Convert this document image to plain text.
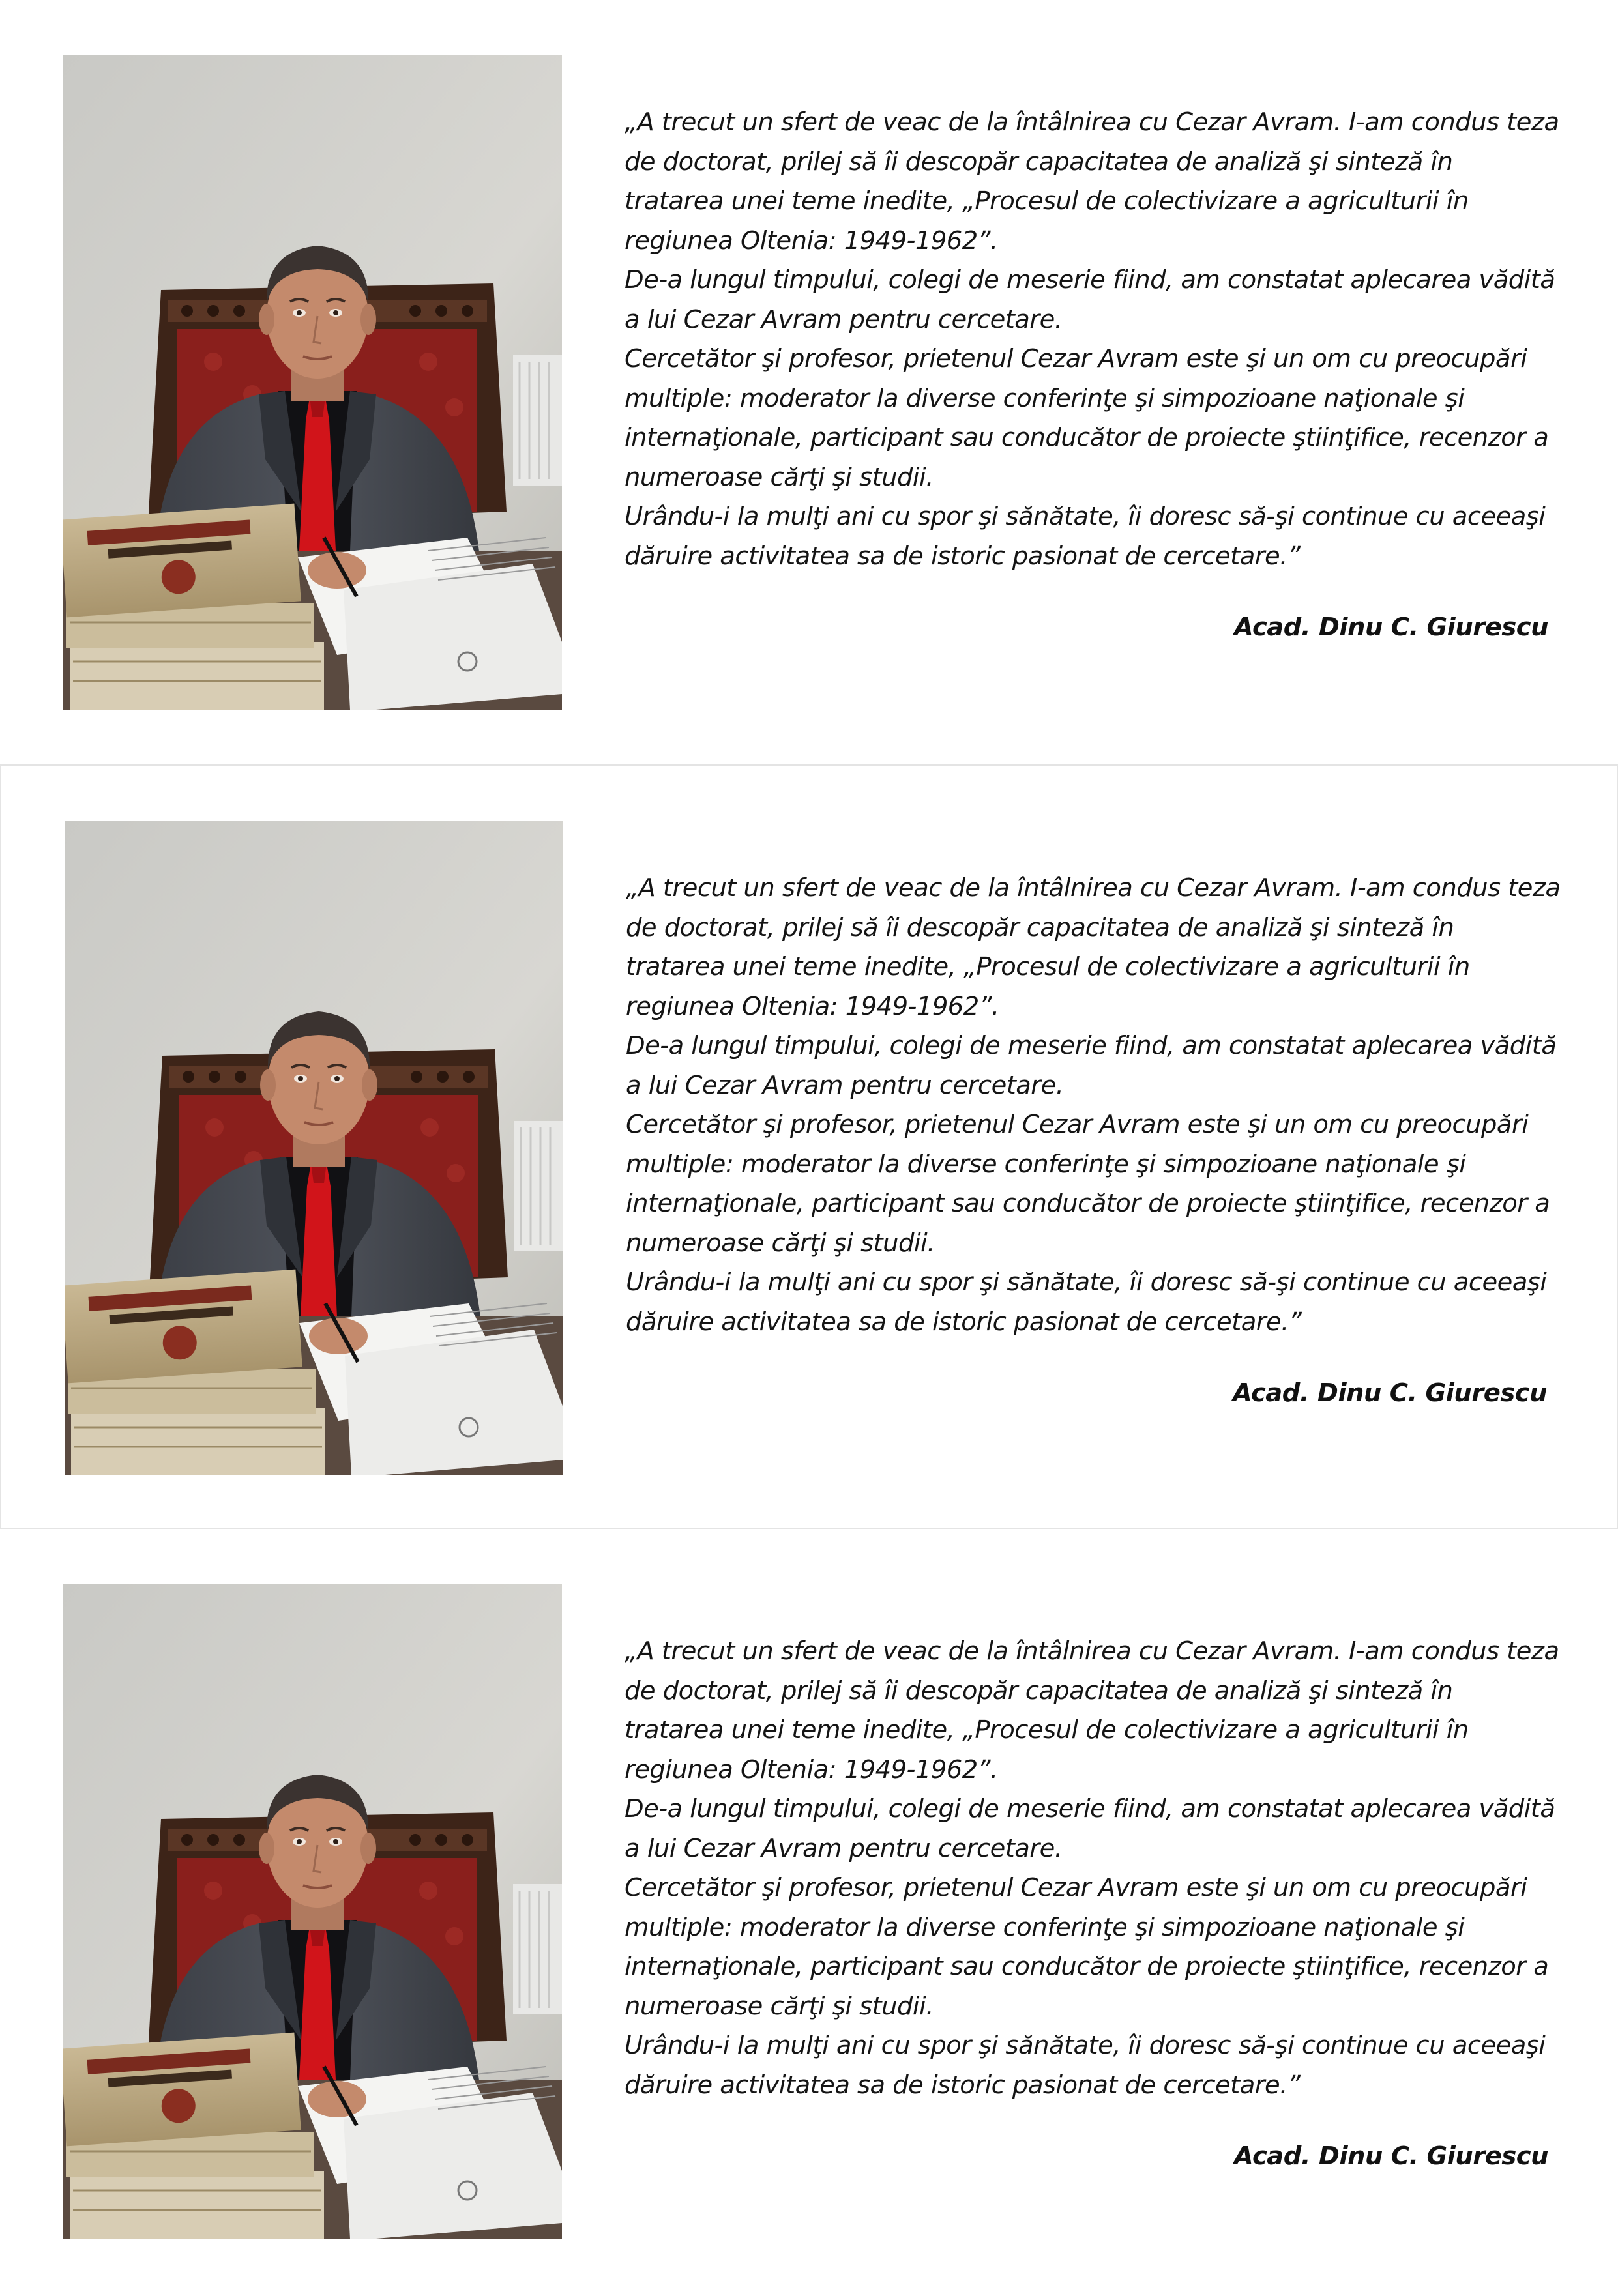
„A trecut un sfert de veac de la întâlnirea cu Cezar Avram. I-am condus teza
de doctorat, prilej să îi descopăr capacitatea de analiză şi sinteză în
tratarea unei teme inedite, „Procesul de colectivizare a agriculturii în
regiunea Oltenia: 1949-1962”.
De-a lungul timpului, colegi de meserie fiind, am constatat aplecarea vădită
a lui Cezar Avram pentru cercetare.
Cercetător şi profesor, prietenul Cezar Avram este şi un om cu preocupări
multiple: moderator la diverse conferinţe şi simpozioane naţionale şi
internaţionale, participant sau conducător de proiecte ştiinţifice, recenzor a
numeroase cărţi şi studii.
Urându-i la mulţi ani cu spor şi sănătate, îi doresc să-şi continue cu aceeaşi
dăruire activitatea sa de istoric pasionat de cercetare.”
Acad. Dinu C. Giurescu
„A trecut un sfert de veac de la întâlnirea cu Cezar Avram. I-am condus teza
de doctorat, prilej să îi descopăr capacitatea de analiză şi sinteză în
tratarea unei teme inedite, „Procesul de colectivizare a agriculturii în
regiunea Oltenia: 1949-1962”.
De-a lungul timpului, colegi de meserie fiind, am constatat aplecarea vădită
a lui Cezar Avram pentru cercetare.
Cercetător şi profesor, prietenul Cezar Avram este şi un om cu preocupări
multiple: moderator la diverse conferinţe şi simpozioane naţionale şi
internaţionale, participant sau conducător de proiecte ştiinţifice, recenzor a
numeroase cărţi şi studii.
Urându-i la mulţi ani cu spor şi sănătate, îi doresc să-şi continue cu aceeaşi
dăruire activitatea sa de istoric pasionat de cercetare.”
Acad. Dinu C. Giurescu
„A trecut un sfert de veac de la întâlnirea cu Cezar Avram. I-am condus teza
de doctorat, prilej să îi descopăr capacitatea de analiză şi sinteză în
tratarea unei teme inedite, „Procesul de colectivizare a agriculturii în
regiunea Oltenia: 1949-1962”.
De-a lungul timpului, colegi de meserie fiind, am constatat aplecarea vădită
a lui Cezar Avram pentru cercetare.
Cercetător şi profesor, prietenul Cezar Avram este şi un om cu preocupări
multiple: moderator la diverse conferinţe şi simpozioane naţionale şi
internaţionale, participant sau conducător de proiecte ştiinţifice, recenzor a
numeroase cărţi şi studii.
Urându-i la mulţi ani cu spor şi sănătate, îi doresc să-şi continue cu aceeaşi
dăruire activitatea sa de istoric pasionat de cercetare.”
Acad. Dinu C. Giurescu
